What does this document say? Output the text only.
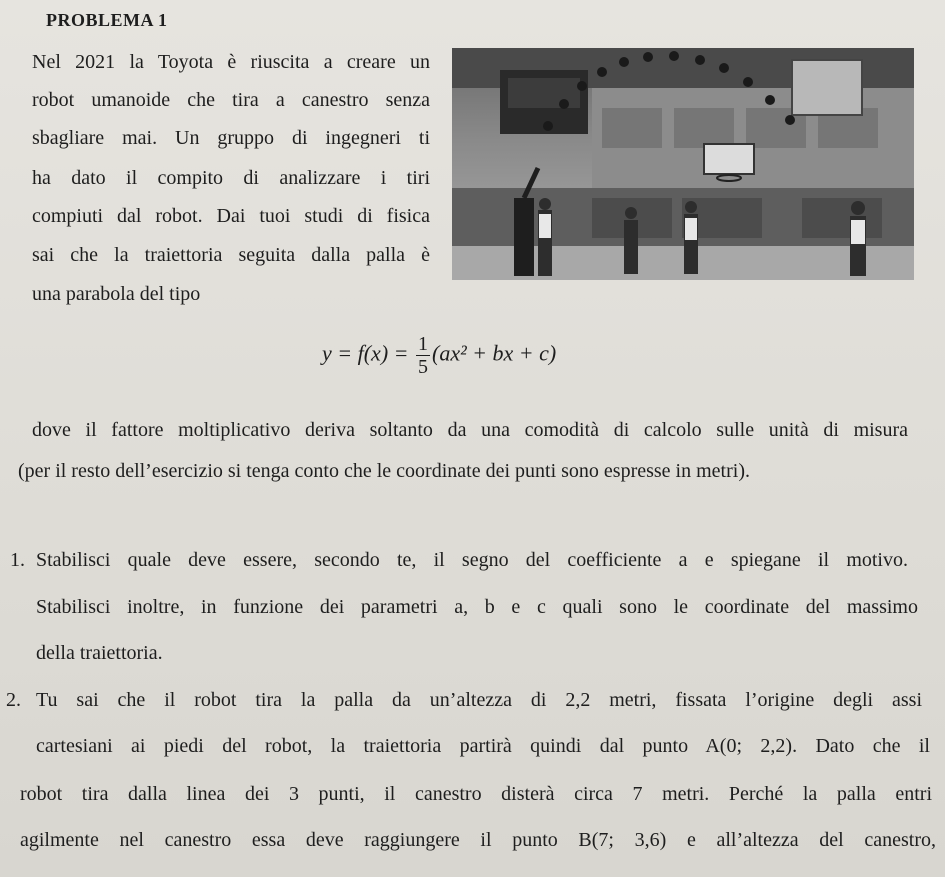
PROBLEMA 1
Nel 2021 la Toyota è riuscita a creare un
robot umanoide che tira a canestro senza
sbagliare mai. Un gruppo di ingegneri ti
ha dato il compito di analizzare i tiri
compiuti dal robot. Dai tuoi studi di fisica
sai che la traiettoria seguita dalla palla è
una parabola del tipo
$y = f(x) = \frac{1}{5} (ax^2$ + bx + c)
dove il fattore moltiplicativo deriva soltanto da una comodità di calcolo sulle unità di misura
(per il resto dell’esercizio si tenga conto che le coordinate dei punti sono espresse in metri).
1. Stabilisci quale deve essere, secondo te, il segno del coefficiente a e spiegane il motivo.
Stabilisci inoltre, in funzione dei parametri a, b e c quali sono le coordinate del massimo
della traiettoria.
2. Tu sai che il robot tira la palla da un’altezza di 2,2 metri, fissata l’origine degli assi
cartesiani ai piedi del robot, la traiettoria partirà quindi dal punto A(0; 2,2). Dato che il
robot tira dalla linea dei 3 punti, il canestro disterà circa 7 metri. Perché la palla entri
agilmente nel canestro essa deve raggiungere il punto B(7; 3,6) e all’altezza del canestro,
